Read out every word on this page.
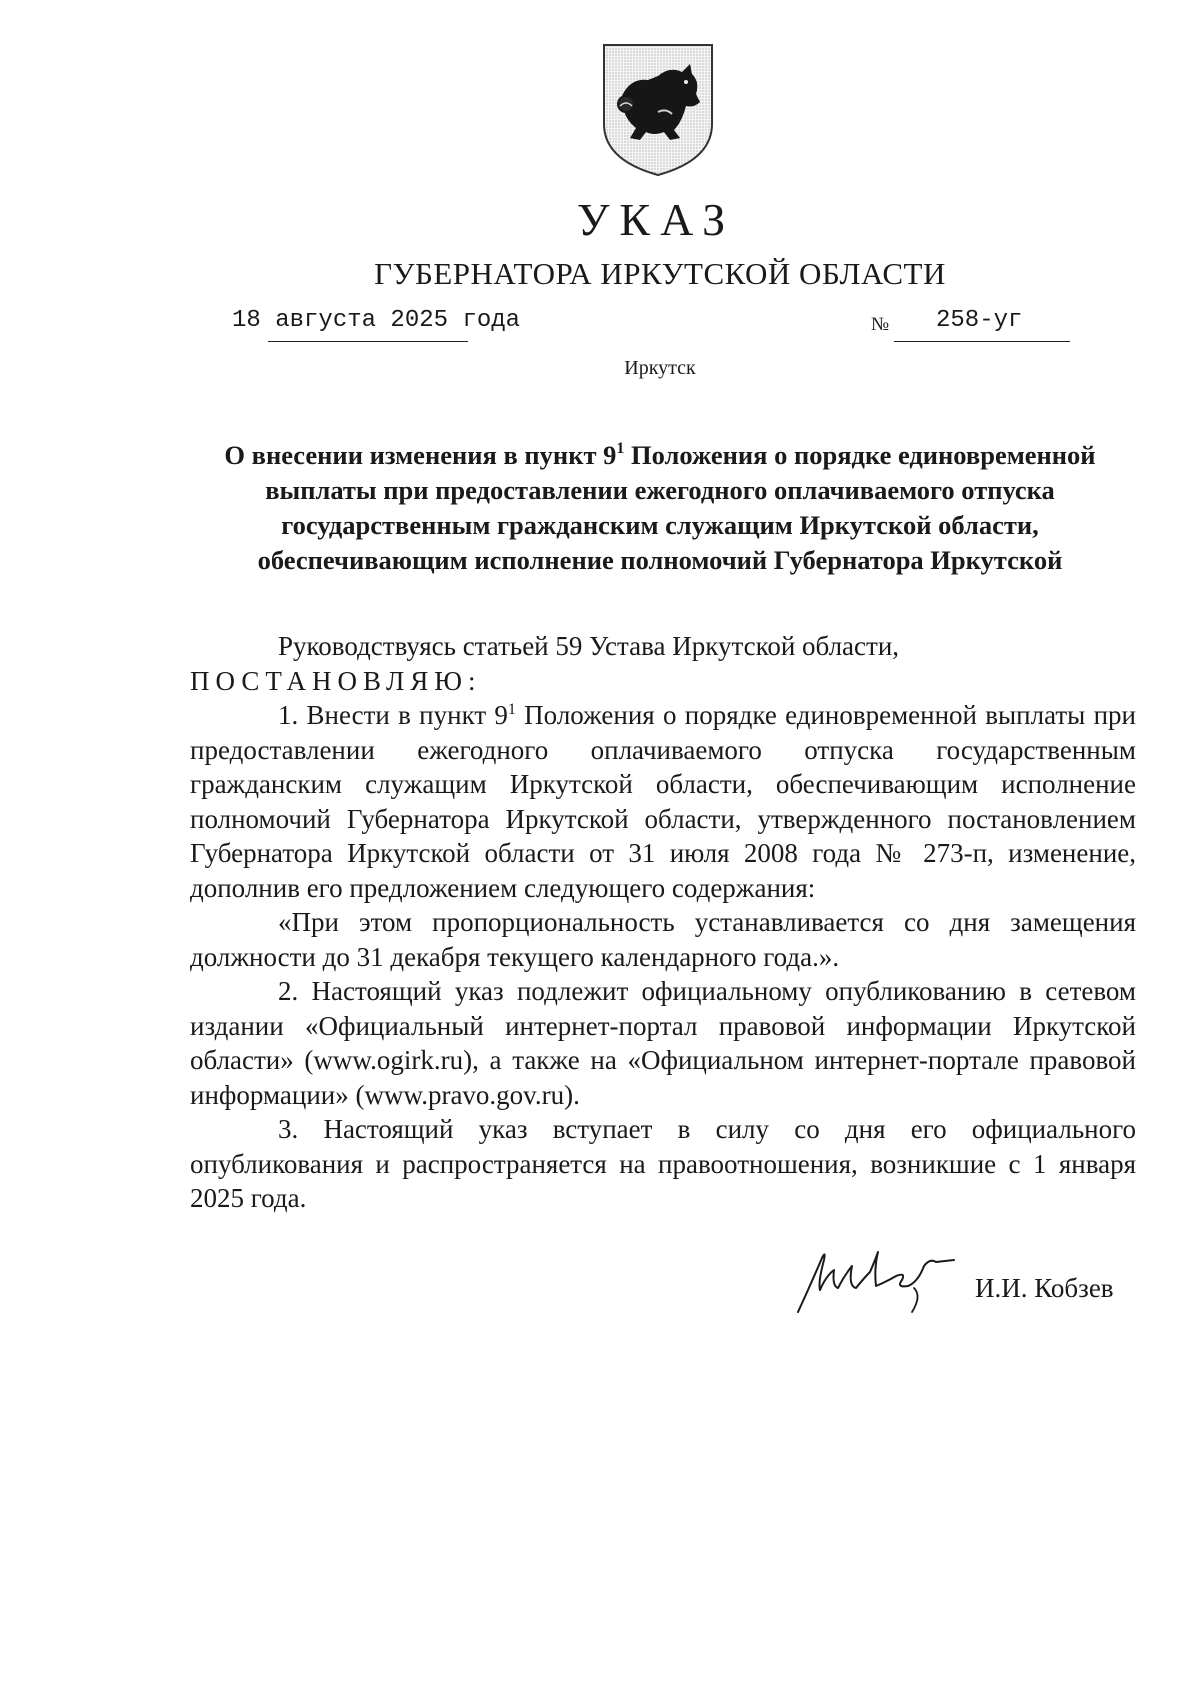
УКАЗ
ГУБЕРНАТОРА ИРКУТСКОЙ ОБЛАСТИ
18 августа 2025 года	№ 258-уг
Иркутск
О внесении изменения в пункт $9^1$ Положения о порядке единовременной выплаты при предоставлении ежегодного оплачиваемого отпуска государственным гражданским служащим Иркутской области, обеспечивающим исполнение полномочий Губернатора Иркутской

Руководствуясь статьей 59 Устава Иркутской области,

ПОСТАНОВЛЯЮ:

1. Внести в пункт $9^1$ Положения о порядке единовременной выплаты при предоставлении ежегодного оплачиваемого отпуска государственным гражданским служащим Иркутской области, обеспечивающим исполнение полномочий Губернатора Иркутской области, утвержденного постановлением Губернатора Иркутской области от 31 июля 2008 года № 273-п, изменение, дополнив его предложением следующего содержания:

«При этом пропорциональность устанавливается со дня замещения должности до 31 декабря текущего календарного года.».

2. Настоящий указ подлежит официальному опубликованию в сетевом издании «Официальный интернет-портал правовой информации Иркутской области» (www.ogirk.ru), а также на «Официальном интернет-портале правовой информации» (www.pravo.gov.ru).

3. Настоящий указ вступает в силу со дня его официального опубликования и распространяется на правоотношения, возникшие с 1 января 2025 года.

И.И. Кобзев
